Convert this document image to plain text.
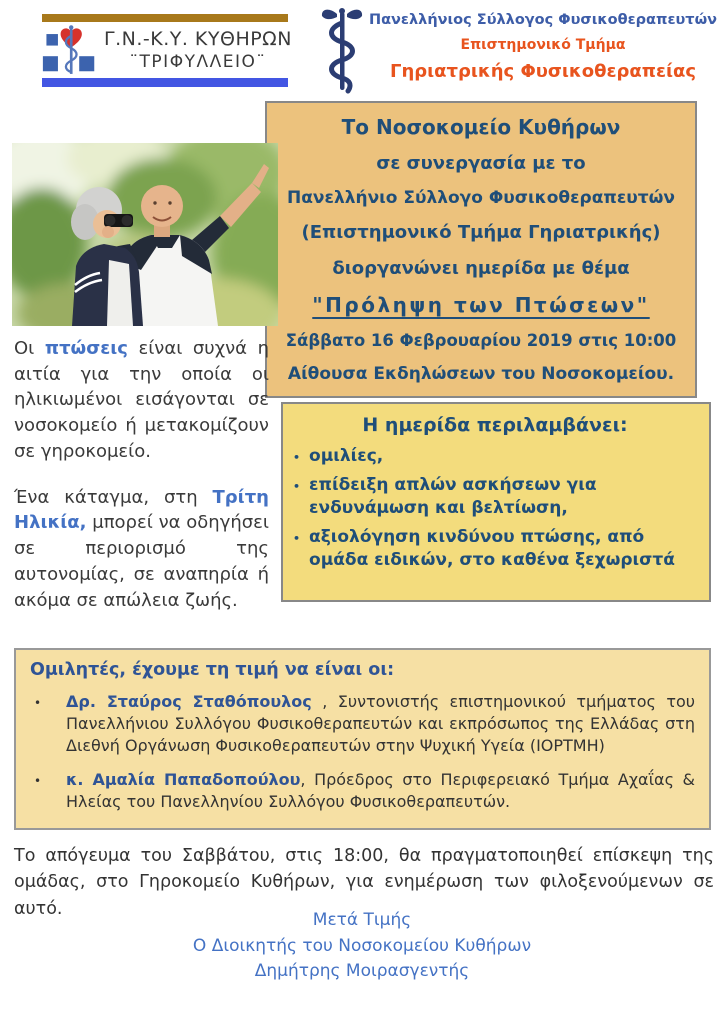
Γ.Ν.-Κ.Υ. ΚΥΘΗΡΩΝ
¨ΤΡΙΦΥΛΛΕΙΟ¨
Πανελλήνιος Σύλλογος Φυσικοθεραπευτών
Επιστημονικό Τμήμα
Γηριατρικής Φυσικοθεραπείας
Το Νοσοκομείο Κυθήρων
σε συνεργασία με το
Πανελλήνιο Σύλλογο Φυσικοθεραπευτών
(Επιστημονικό Τμήμα Γηριατρικής)
διοργανώνει ημερίδα με θέμα
"Πρόληψη των Πτώσεων"
Σάββατο 16 Φεβρουαρίου 2019 στις 10:00
Αίθουσα Εκδηλώσεων του Νοσοκομείου.

Οι πτώσεις είναι συχνά η αιτία για την οποία οι ηλικιωμένοι εισάγονται σε νοσοκομείο ή μετακομίζουν σε γηροκομείο.

Ένα κάταγμα, στη Τρίτη Ηλικία, μπορεί να οδηγήσει σε περιορισμό της αυτονομίας, σε αναπηρία ή ακόμα σε απώλεια ζωής.

Η ημερίδα περιλαμβάνει:
• ομιλίες,
• επίδειξη απλών ασκήσεων για ενδυνάμωση και βελτίωση,
• αξιολόγηση κινδύνου πτώσης, από ομάδα ειδικών, στο καθένα ξεχωριστά
Ομιλητές, έχουμε τη τιμή να είναι οι:
•	Δρ. Σταύρος Σταθόπουλος , Συντονιστής επιστημονικού τμήματος του Πανελλήνιου Συλλόγου Φυσικοθεραπευτών και εκπρόσωπος της Ελλάδας στη Διεθνή Οργάνωση Φυσικοθεραπευτών στην Ψυχική Υγεία (IOPTMH)
•	κ. Αμαλία Παπαδοπούλου, Πρόεδρος στο Περιφερειακό Τμήμα Αχαΐας & Ηλείας του Πανελληνίου Συλλόγου Φυσικοθεραπευτών.
Το απόγευμα του Σαββάτου, στις 18:00, θα πραγματοποιηθεί επίσκεψη της ομάδας, στο Γηροκομείο Κυθήρων, για ενημέρωση των φιλοξενούμενων σε αυτό.
Μετά Τιμής
Ο Διοικητής του Νοσοκομείου Κυθήρων
Δημήτρης Μοιρασγεντής
